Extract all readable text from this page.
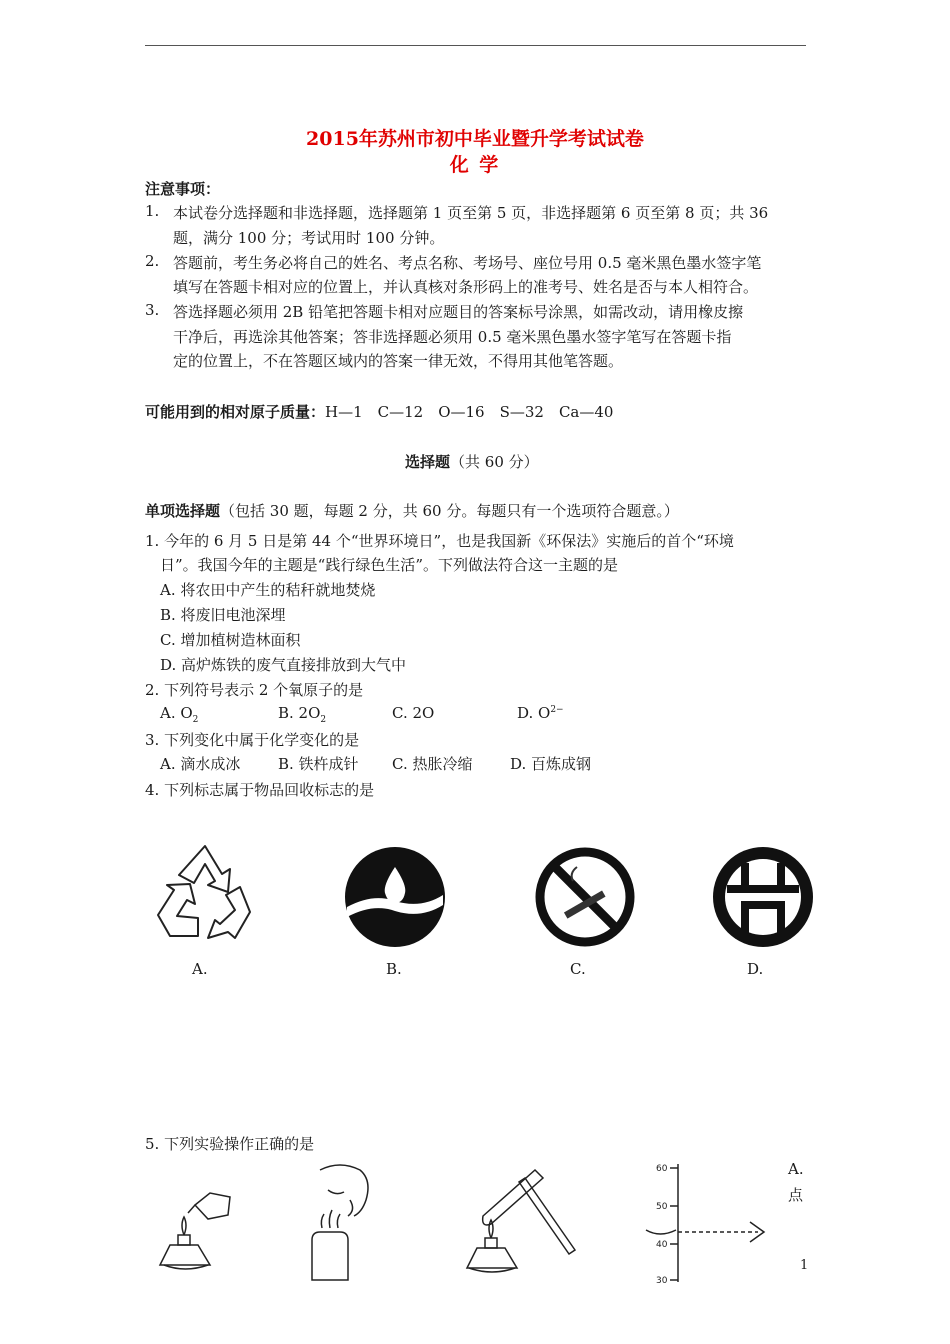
2015年苏州市初中毕业暨升学考试试卷
化 学
注意事项：
1. 本试卷分选择题和非选择题，选择题第 1 页至第 5 页，非选择题第 6 页至第 8 页；共 36
题，满分 100 分；考试用时 100 分钟。
2. 答题前，考生务必将自己的姓名、考点名称、考场号、座位号用 0.5 毫米黑色墨水签字笔
填写在答题卡相对应的位置上，并认真核对条形码上的准考号、姓名是否与本人相符合。
3. 答选择题必须用 2B 铅笔把答题卡相对应题目的答案标号涂黑，如需改动，请用橡皮擦
干净后，再选涂其他答案；答非选择题必须用 0.5 毫米黑色墨水签字笔写在答题卡指
定的位置上，不在答题区域内的答案一律无效，不得用其他笔答题。
可能用到的相对原子质量：H—1　C—12　O—16　S—32　Ca—40
选择题（共 60 分）
单项选择题（包括 30 题，每题 2 分，共 60 分。每题只有一个选项符合题意。）
1. 今年的 6 月 5 日是第 44 个“世界环境日”，也是我国新《环保法》实施后的首个“环境
日”。我国今年的主题是“践行绿色生活”。下列做法符合这一主题的是
A. 将农田中产生的秸秆就地焚烧
B. 将废旧电池深埋
C. 增加植树造林面积
D. 高炉炼铁的废气直接排放到大气中
2. 下列符号表示 2 个氧原子的是
A. $O_2$	B. $2O_2$	C. 2O	D. $O^{2-}$
3. 下列变化中属于化学变化的是
A. 滴水成冰	B. 铁杵成针 C. 热胀冷缩	D. 百炼成钢
4. 下列标志属于物品回收标志的是
A.	B.	C.	D.
5. 下列实验操作正确的是
60
50
40
30
A.
点
1
